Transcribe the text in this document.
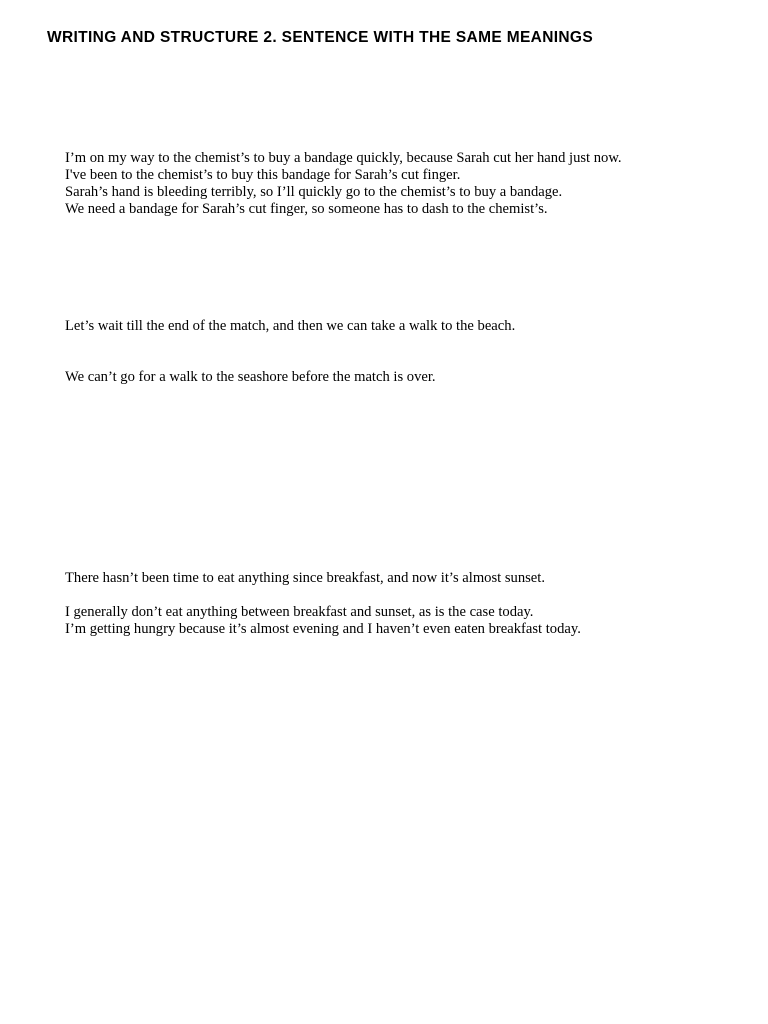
WRITING AND STRUCTURE 2. SENTENCE WITH THE SAME MEANINGS

I’m on my way to the chemist’s to buy a bandage quickly, because Sarah cut her hand just now.

I've been to the chemist’s to buy this bandage for Sarah’s cut finger.

Sarah’s hand is bleeding terribly, so I’ll quickly go to the chemist’s to buy a bandage.

We need a bandage for Sarah’s cut finger, so someone has to dash to the chemist’s.

Let’s wait till the end of the match, and then we can take a walk to the beach.

We can’t go for a walk to the seashore before the match is over.

There hasn’t been time to eat anything since breakfast, and now it’s almost sunset.

I generally don’t eat anything between breakfast and sunset, as is the case today.

I’m getting hungry because it’s almost evening and I haven’t even eaten breakfast today.
